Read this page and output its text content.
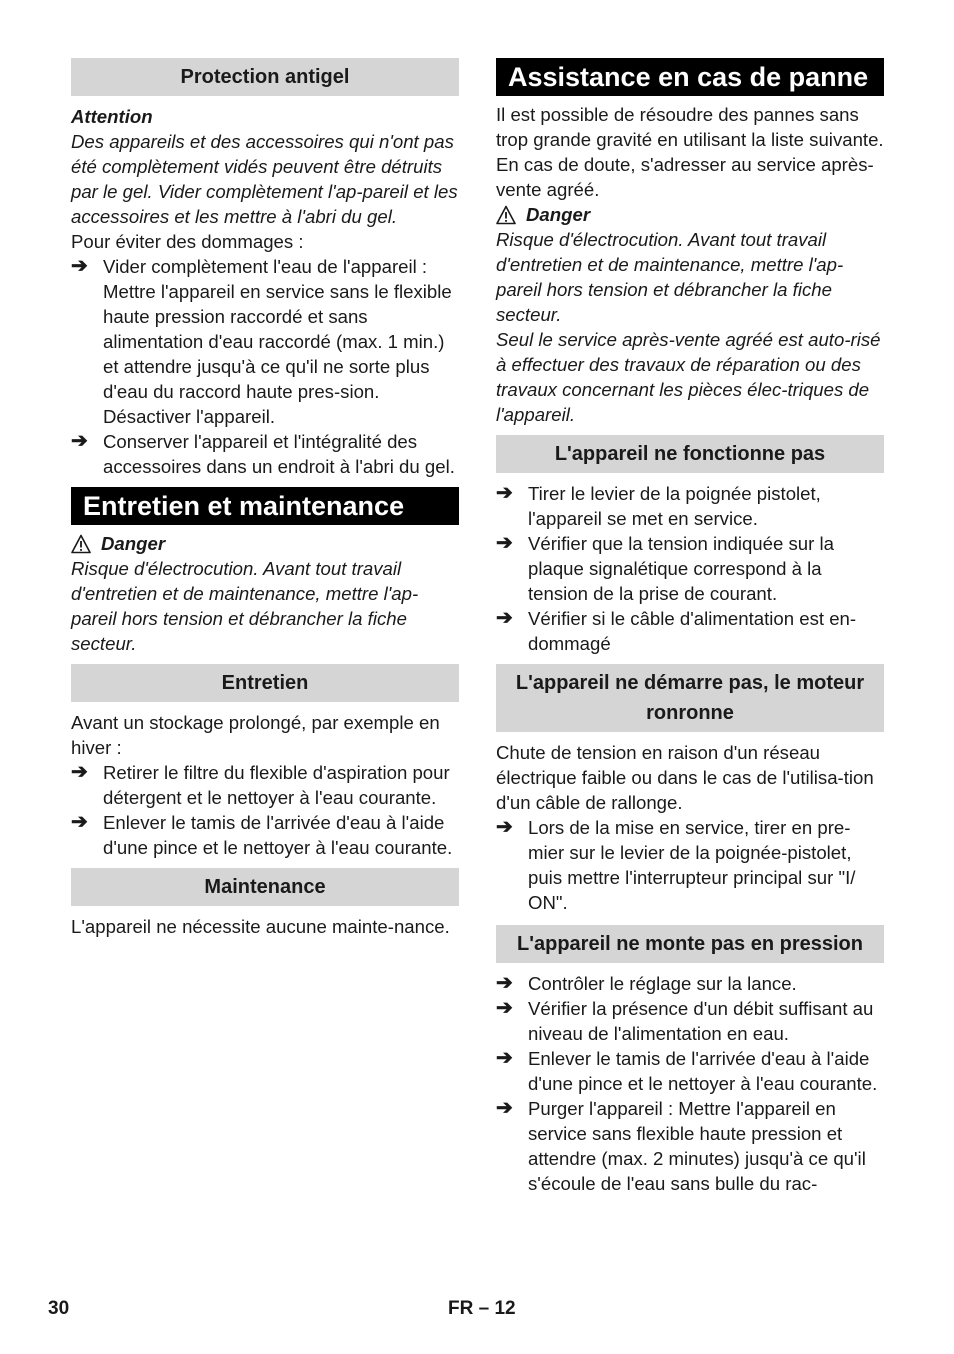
Protection antigel
Attention
Des appareils et des accessoires qui n'ont pas été complètement vidés peuvent être détruits par le gel. Vider complètement l'ap-pareil et les accessoires et les mettre à l'abri du gel.
Pour éviter des dommages :
➔ Vider complètement l'eau de l'appareil : Mettre l'appareil en service sans le flexible haute pression raccordé et sans alimentation d'eau raccordé (max. 1 min.) et attendre jusqu'à ce qu'il ne sorte plus d'eau du raccord haute pres-sion. Désactiver l'appareil.
➔ Conserver l'appareil et l'intégralité des accessoires dans un endroit à l'abri du gel.
Entretien et maintenance
Danger
Risque d'électrocution. Avant tout travail d'entretien et de maintenance, mettre l'ap-pareil hors tension et débrancher la fiche secteur.
Entretien
Avant un stockage prolongé, par exemple en hiver :
➔ Retirer le filtre du flexible d'aspiration pour détergent et le nettoyer à l'eau courante.
➔ Enlever le tamis de l'arrivée d'eau à l'aide d'une pince et le nettoyer à l'eau courante.
Maintenance
L'appareil ne nécessite aucune mainte-nance.
Assistance en cas de panne
Il est possible de résoudre des pannes sans trop grande gravité en utilisant la liste suivante.
En cas de doute, s'adresser au service après-vente agréé.
Danger
Risque d'électrocution. Avant tout travail d'entretien et de maintenance, mettre l'ap-pareil hors tension et débrancher la fiche secteur.
Seul le service après-vente agréé est auto-risé à effectuer des travaux de réparation ou des travaux concernant les pièces élec-triques de l'appareil.
L'appareil ne fonctionne pas
➔ Tirer le levier de la poignée pistolet, l'appareil se met en service.
➔ Vérifier que la tension indiquée sur la plaque signalétique correspond à la tension de la prise de courant.
➔ Vérifier si le câble d'alimentation est en-dommagé
L'appareil ne démarre pas, le moteur ronronne
Chute de tension en raison d'un réseau électrique faible ou dans le cas de l'utilisa-tion d'un câble de rallonge.
➔ Lors de la mise en service, tirer en pre-mier sur le levier de la poignée-pistolet, puis mettre l'interrupteur principal sur "I/ ON".
L'appareil ne monte pas en pression
➔ Contrôler le réglage sur la lance.
➔ Vérifier la présence d'un débit suffisant au niveau de l'alimentation en eau.
➔ Enlever le tamis de l'arrivée d'eau à l'aide d'une pince et le nettoyer à l'eau courante.
➔ Purger l'appareil : Mettre l'appareil en service sans flexible haute pression et attendre (max. 2 minutes) jusqu'à ce qu'il s'écoule de l'eau sans bulle du rac-
30	FR – 12
